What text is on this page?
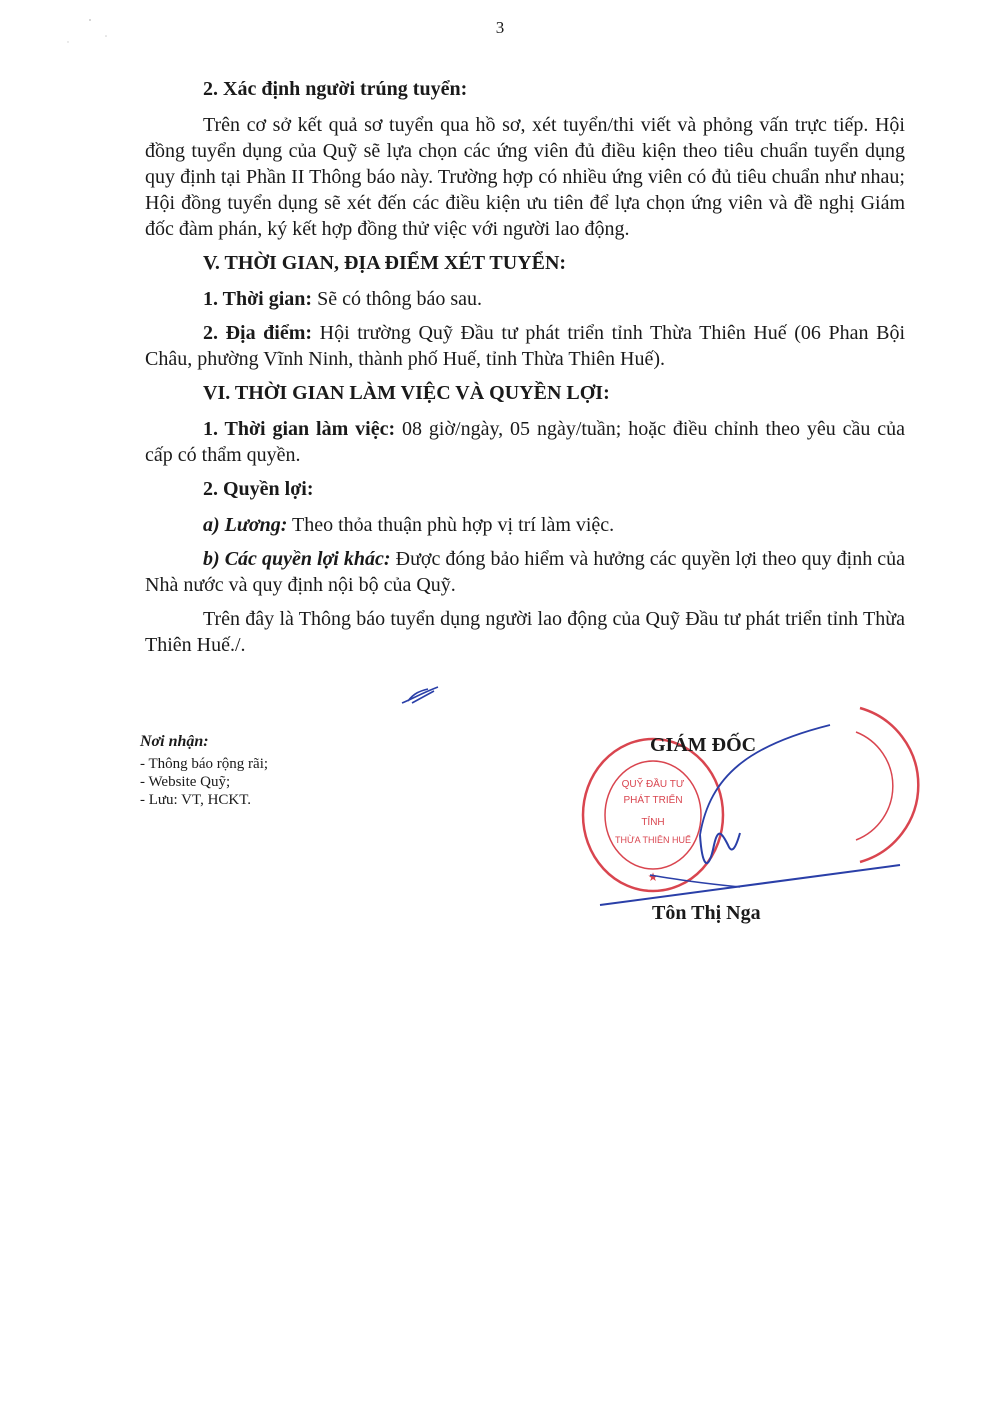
3

2. Xác định người trúng tuyển:

Trên cơ sở kết quả sơ tuyển qua hồ sơ, xét tuyển/thi viết và phỏng vấn trực tiếp. Hội đồng tuyển dụng của Quỹ sẽ lựa chọn các ứng viên đủ điều kiện theo tiêu chuẩn tuyển dụng quy định tại Phần II Thông báo này. Trường hợp có nhiều ứng viên có đủ tiêu chuẩn như nhau; Hội đồng tuyển dụng sẽ xét đến các điều kiện ưu tiên để lựa chọn ứng viên và đề nghị Giám đốc đàm phán, ký kết hợp đồng thử việc với người lao động.

V. THỜI GIAN, ĐỊA ĐIỂM XÉT TUYỂN:

1. Thời gian: Sẽ có thông báo sau.

2. Địa điểm: Hội trường Quỹ Đầu tư phát triển tỉnh Thừa Thiên Huế (06 Phan Bội Châu, phường Vĩnh Ninh, thành phố Huế, tỉnh Thừa Thiên Huế).

VI. THỜI GIAN LÀM VIỆC VÀ QUYỀN LỢI:

1. Thời gian làm việc: 08 giờ/ngày, 05 ngày/tuần; hoặc điều chỉnh theo yêu cầu của cấp có thẩm quyền.

2. Quyền lợi:

a) Lương: Theo thỏa thuận phù hợp vị trí làm việc.

b) Các quyền lợi khác: Được đóng bảo hiểm và hưởng các quyền lợi theo quy định của Nhà nước và quy định nội bộ của Quỹ.

Trên đây là Thông báo tuyển dụng người lao động của Quỹ Đầu tư phát triển tỉnh Thừa Thiên Huế./.

Nơi nhận:

- Thông báo rộng rãi;

- Website Quỹ;

- Lưu: VT, HCKT.

QUỸ ĐẦU TƯ
PHÁT TRIỂN
TỈNH
THỪA THIÊN HUẾ
★
GIÁM ĐỐC
Tôn Thị Nga
